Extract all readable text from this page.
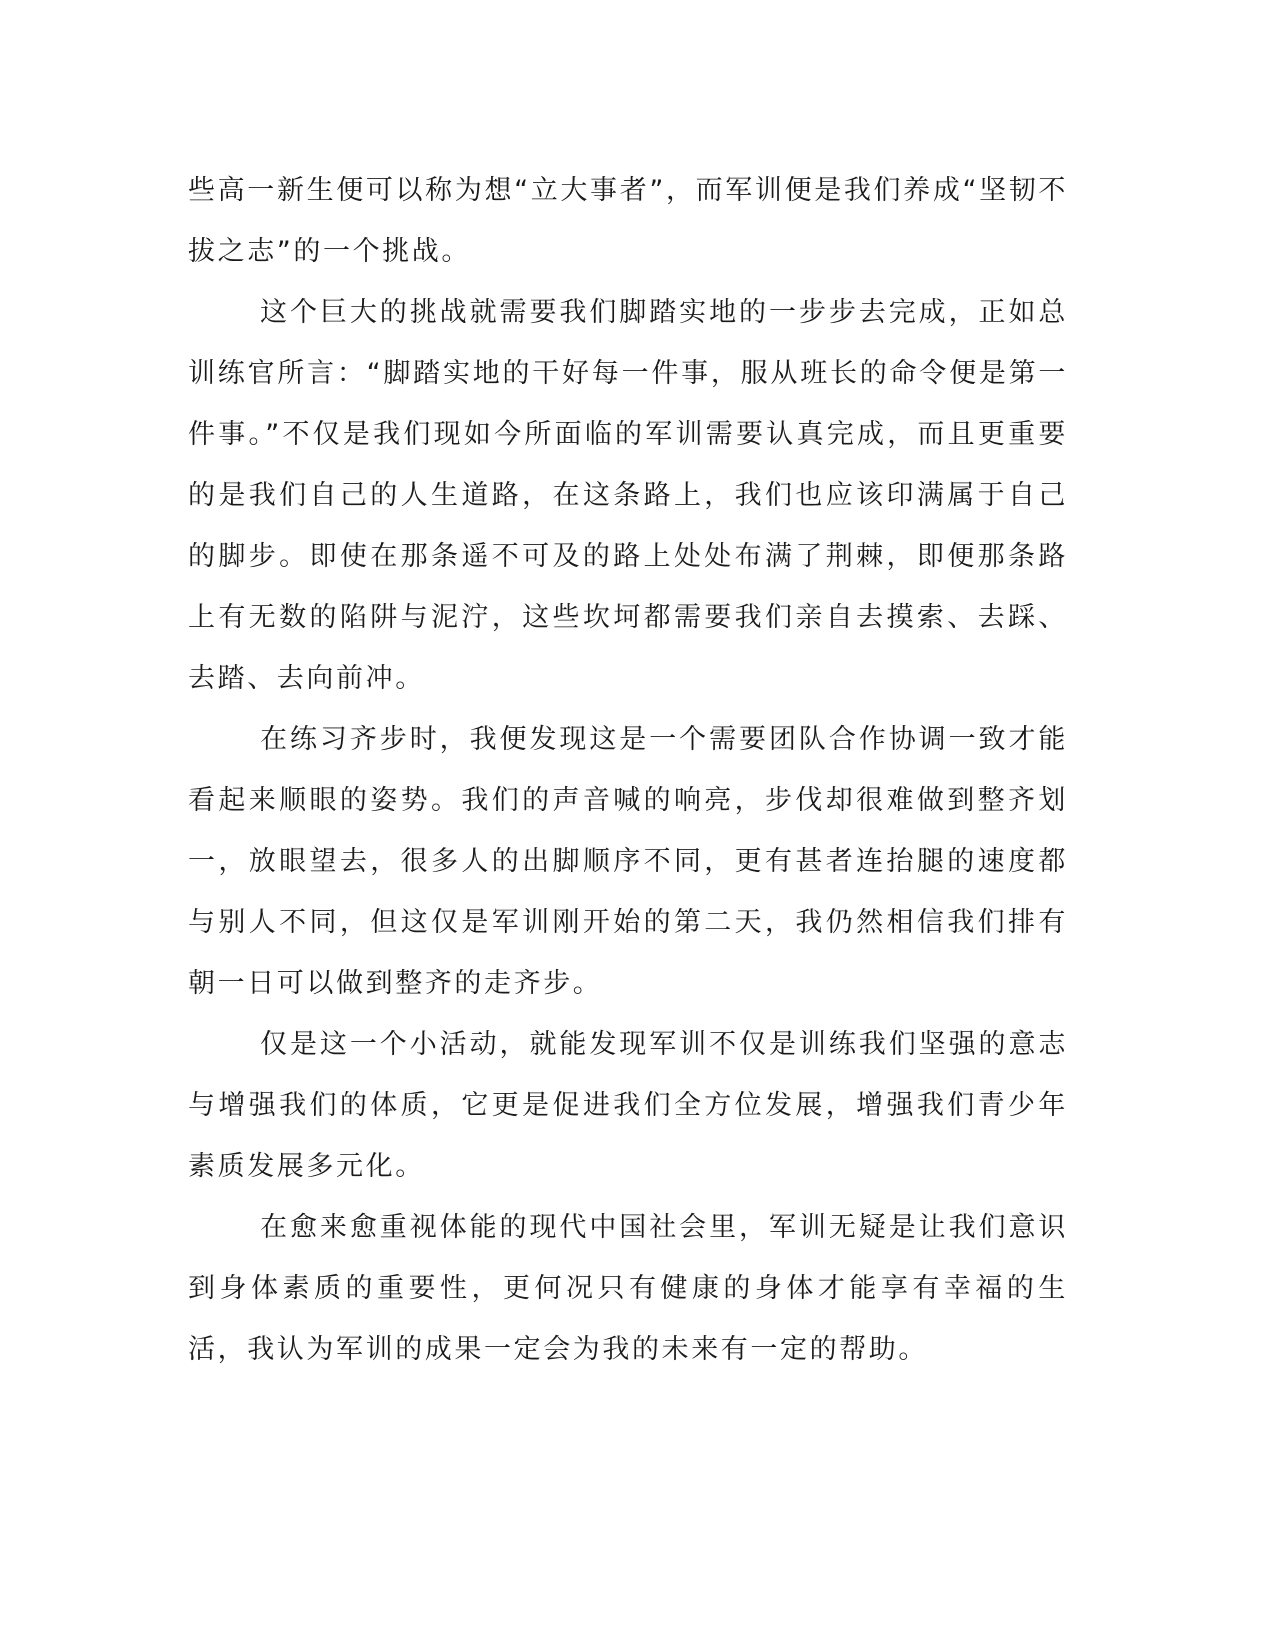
些高一新生便可以称为想“立大事者”，而军训便是我们养成“坚韧不拔之志”的一个挑战。

这个巨大的挑战就需要我们脚踏实地的一步步去完成，正如总训练官所言：“脚踏实地的干好每一件事，服从班长的命令便是第一件事。”不仅是我们现如今所面临的军训需要认真完成，而且更重要的是我们自己的人生道路，在这条路上，我们也应该印满属于自己的脚步。即使在那条遥不可及的路上处处布满了荆棘，即便那条路上有无数的陷阱与泥泞，这些坎坷都需要我们亲自去摸索、去踩、去踏、去向前冲。

在练习齐步时，我便发现这是一个需要团队合作协调一致才能看起来顺眼的姿势。我们的声音喊的响亮，步伐却很难做到整齐划一，放眼望去，很多人的出脚顺序不同，更有甚者连抬腿的速度都与别人不同，但这仅是军训刚开始的第二天，我仍然相信我们排有朝一日可以做到整齐的走齐步。

仅是这一个小活动，就能发现军训不仅是训练我们坚强的意志与增强我们的体质，它更是促进我们全方位发展，增强我们青少年素质发展多元化。

在愈来愈重视体能的现代中国社会里，军训无疑是让我们意识到身体素质的重要性，更何况只有健康的身体才能享有幸福的生活，我认为军训的成果一定会为我的未来有一定的帮助。
